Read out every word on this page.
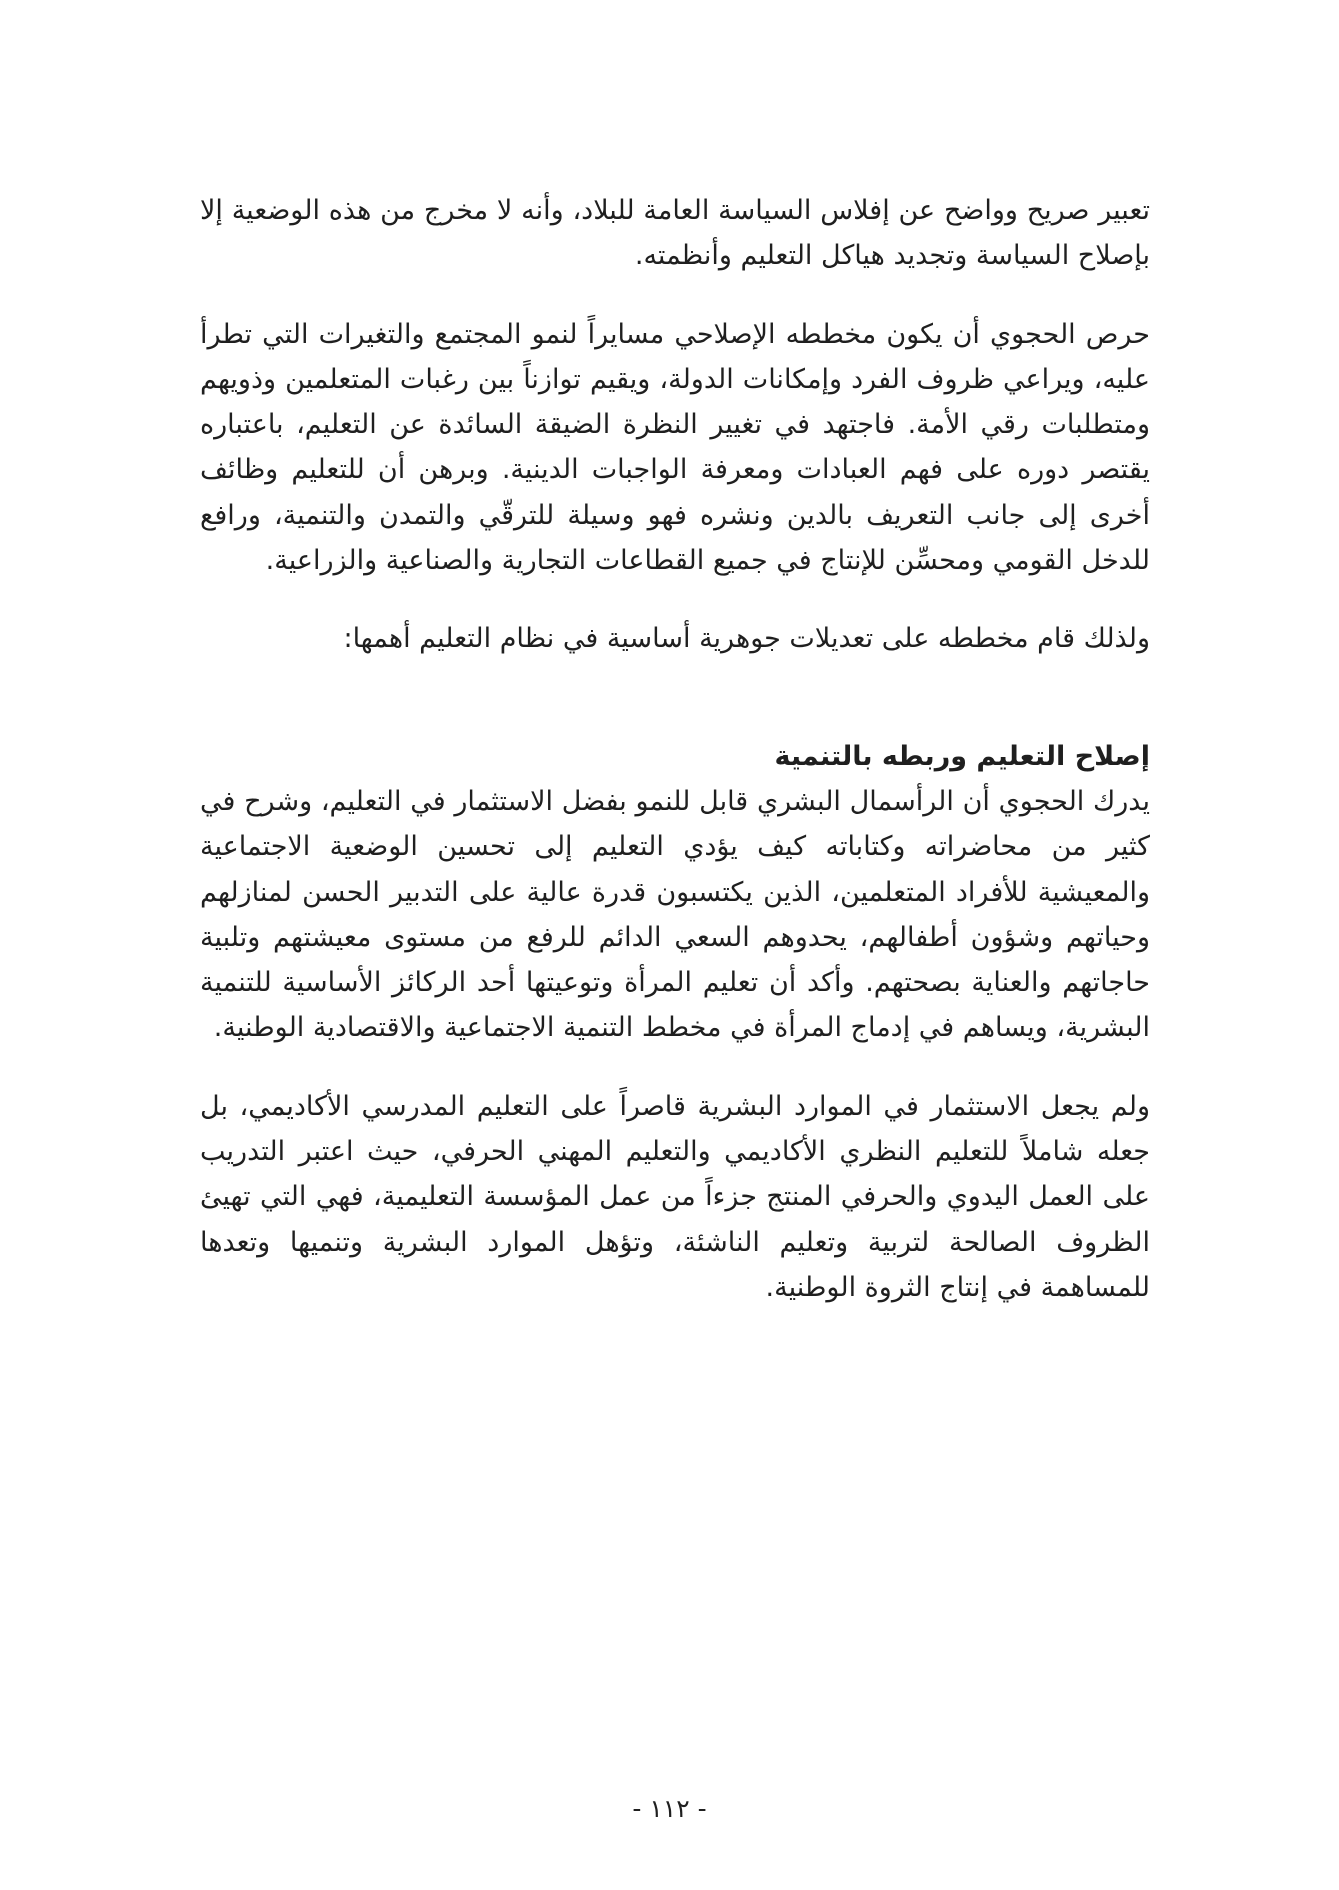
تعبير صريح وواضح عن إفلاس السياسة العامة للبلاد، وأنه لا مخرج من هذه الوضعية إلا بإصلاح السياسة وتجديد هياكل التعليم وأنظمته.

حرص الحجوي أن يكون مخططه الإصلاحي مسايراً لنمو المجتمع والتغيرات التي تطرأ عليه، ويراعي ظروف الفرد وإمكانات الدولة، ويقيم توازناً بين رغبات المتعلمين وذويهم ومتطلبات رقي الأمة. فاجتهد في تغيير النظرة الضيقة السائدة عن التعليم، باعتباره يقتصر دوره على فهم العبادات ومعرفة الواجبات الدينية. وبرهن أن للتعليم وظائف أخرى إلى جانب التعريف بالدين ونشره فهو وسيلة للترقّي والتمدن والتنمية، ورافع للدخل القومي ومحسِّن للإنتاج في جميع القطاعات التجارية والصناعية والزراعية.

ولذلك قام مخططه على تعديلات جوهرية أساسية في نظام التعليم أهمها:

إصلاح التعليم وربطه بالتنمية

يدرك الحجوي أن الرأسمال البشري قابل للنمو بفضل الاستثمار في التعليم، وشرح في كثير من محاضراته وكتاباته كيف يؤدي التعليم إلى تحسين الوضعية الاجتماعية والمعيشية للأفراد المتعلمين، الذين يكتسبون قدرة عالية على التدبير الحسن لمنازلهم وحياتهم وشؤون أطفالهم، يحدوهم السعي الدائم للرفع من مستوى معيشتهم وتلبية حاجاتهم والعناية بصحتهم. وأكد أن تعليم المرأة وتوعيتها أحد الركائز الأساسية للتنمية البشرية، ويساهم في إدماج المرأة في مخطط التنمية الاجتماعية والاقتصادية الوطنية.

ولم يجعل الاستثمار في الموارد البشرية قاصراً على التعليم المدرسي الأكاديمي، بل جعله شاملاً للتعليم النظري الأكاديمي والتعليم المهني الحرفي، حيث اعتبر التدريب على العمل اليدوي والحرفي المنتج جزءاً من عمل المؤسسة التعليمية، فهي التي تهيئ الظروف الصالحة لتربية وتعليم الناشئة، وتؤهل الموارد البشرية وتنميها وتعدها للمساهمة في إنتاج الثروة الوطنية.

- ١١٢ -
